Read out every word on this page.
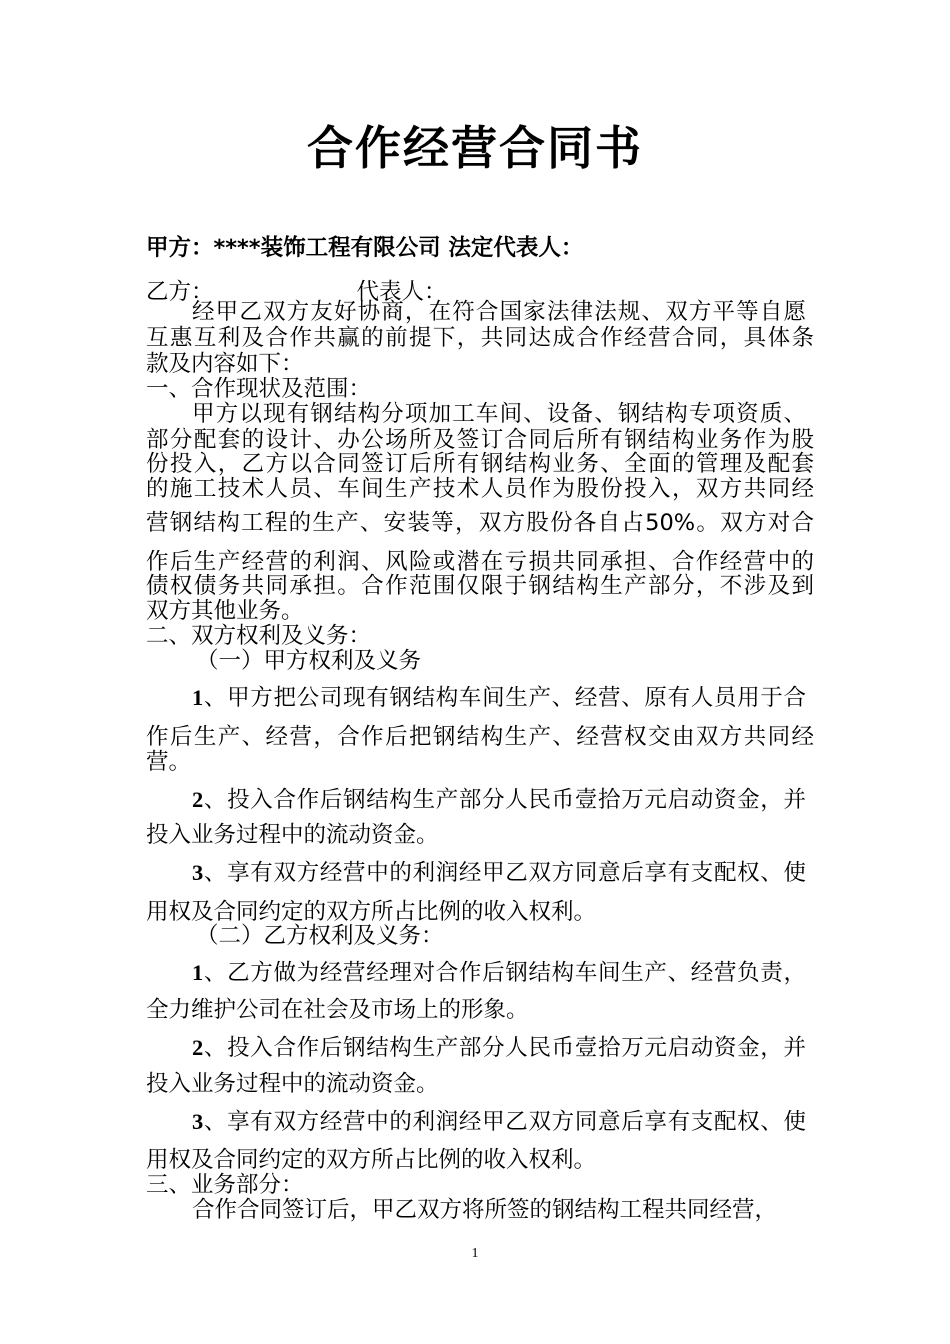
合作经营合同书
甲方：****装饰工程有限公司 法定代表人：
乙方：                    代表人：
经甲乙双方友好协商，在符合国家法律法规、双方平等自愿
互惠互利及合作共赢的前提下，共同达成合作经营合同，具体条
款及内容如下：
一、合作现状及范围：
甲方以现有钢结构分项加工车间、设备、钢结构专项资质、
部分配套的设计、办公场所及签订合同后所有钢结构业务作为股
份投入，乙方以合同签订后所有钢结构业务、全面的管理及配套
的施工技术人员、车间生产技术人员作为股份投入，双方共同经
营钢结构工程的生产、安装等，双方股份各自占50%。双方对合
作后生产经营的利润、风险或潜在亏损共同承担、合作经营中的
债权债务共同承担。合作范围仅限于钢结构生产部分，不涉及到
双方其他业务。
二、双方权利及义务：
（一）甲方权利及义务
1、甲方把公司现有钢结构车间生产、经营、原有人员用于合
作后生产、经营，合作后把钢结构生产、经营权交由双方共同经
营。
2、投入合作后钢结构生产部分人民币壹拾万元启动资金，并
投入业务过程中的流动资金。
3、享有双方经营中的利润经甲乙双方同意后享有支配权、使
用权及合同约定的双方所占比例的收入权利。
（二）乙方权利及义务：
1、乙方做为经营经理对合作后钢结构车间生产、经营负责，
全力维护公司在社会及市场上的形象。
2、投入合作后钢结构生产部分人民币壹拾万元启动资金，并
投入业务过程中的流动资金。
3、享有双方经营中的利润经甲乙双方同意后享有支配权、使
用权及合同约定的双方所占比例的收入权利。
三、业务部分：
合作合同签订后，甲乙双方将所签的钢结构工程共同经营，
1
